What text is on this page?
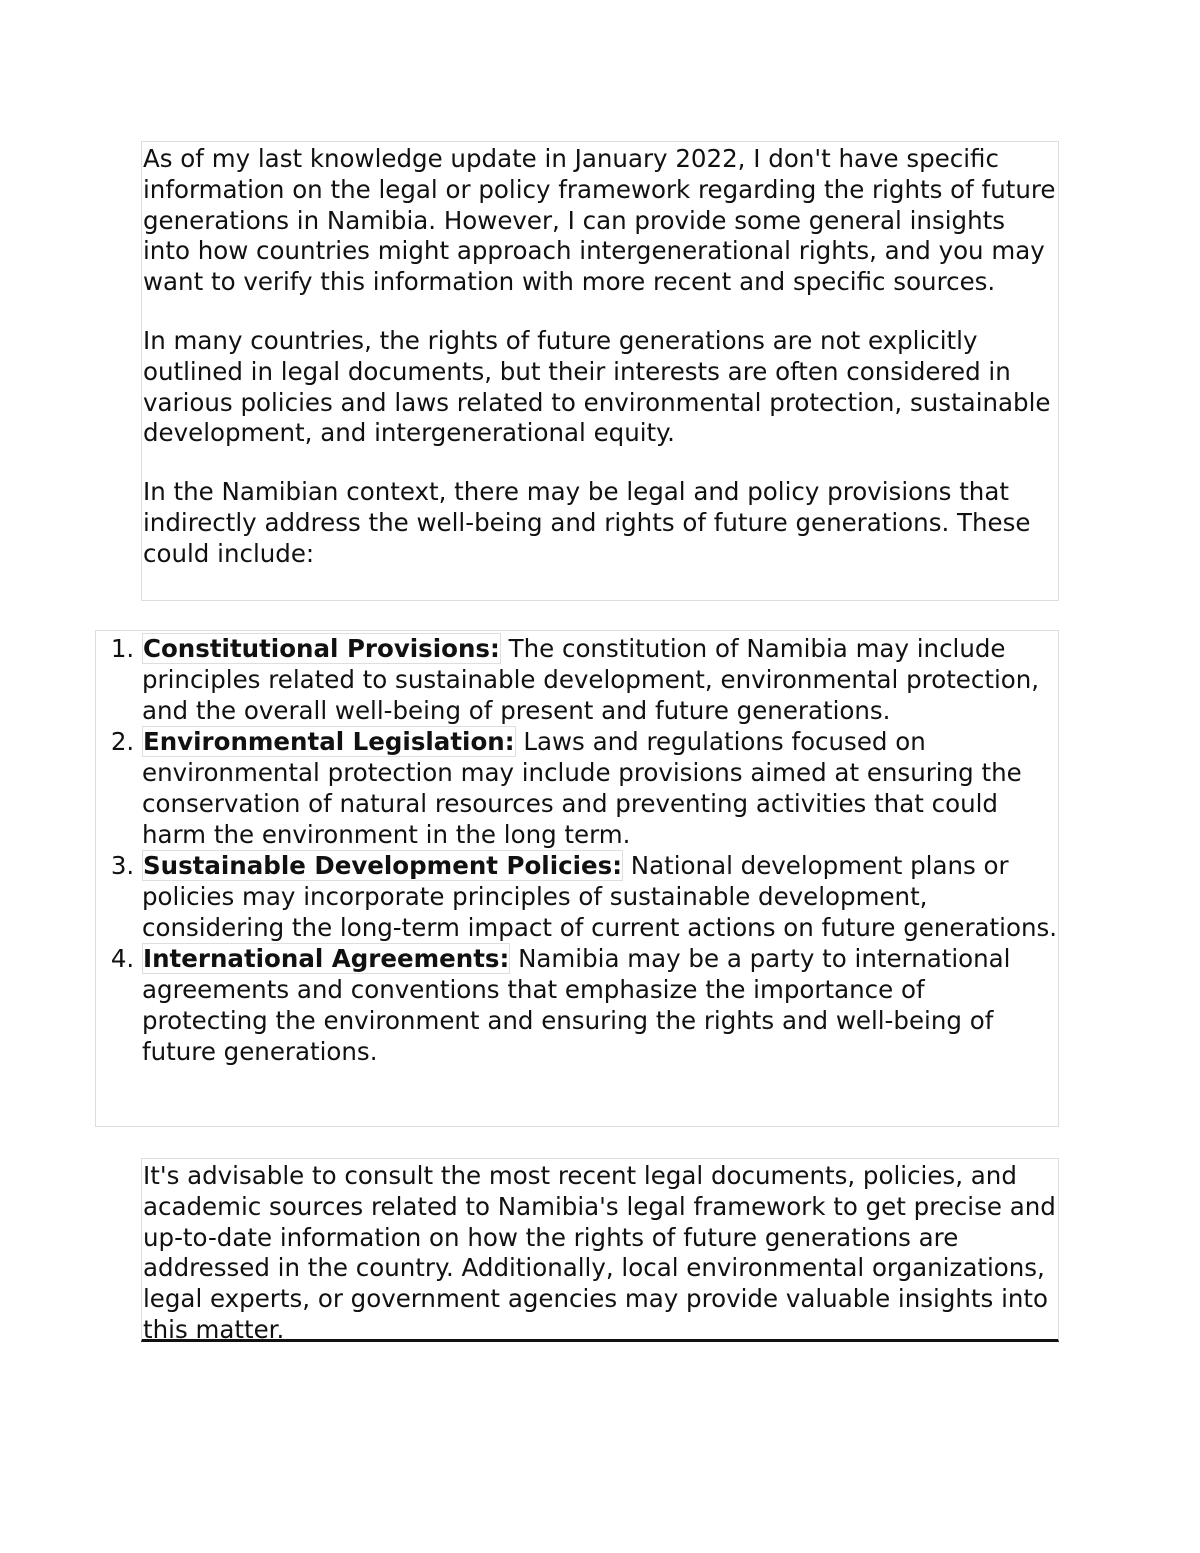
As of my last knowledge update in January 2022, I don't have specific information on the legal or policy framework regarding the rights of future generations in Namibia. However, I can provide some general insights into how countries might approach intergenerational rights, and you may want to verify this information with more recent and specific sources.

In many countries, the rights of future generations are not explicitly outlined in legal documents, but their interests are often considered in various policies and laws related to environmental protection, sustainable development, and intergenerational equity.

In the Namibian context, there may be legal and policy provisions that indirectly address the well-being and rights of future generations. These could include:

1. Constitutional Provisions: The constitution of Namibia may include principles related to sustainable development, environmental protection, and the overall well-being of present and future generations.
2. Environmental Legislation: Laws and regulations focused on environmental protection may include provisions aimed at ensuring the conservation of natural resources and preventing activities that could harm the environment in the long term.
3. Sustainable Development Policies: National development plans or policies may incorporate principles of sustainable development, considering the long-term impact of current actions on future generations.
4. International Agreements: Namibia may be a party to international agreements and conventions that emphasize the importance of protecting the environment and ensuring the rights and well-being of future generations.

It's advisable to consult the most recent legal documents, policies, and academic sources related to Namibia's legal framework to get precise and up-to-date information on how the rights of future generations are addressed in the country. Additionally, local environmental organizations, legal experts, or government agencies may provide valuable insights into this matter.
